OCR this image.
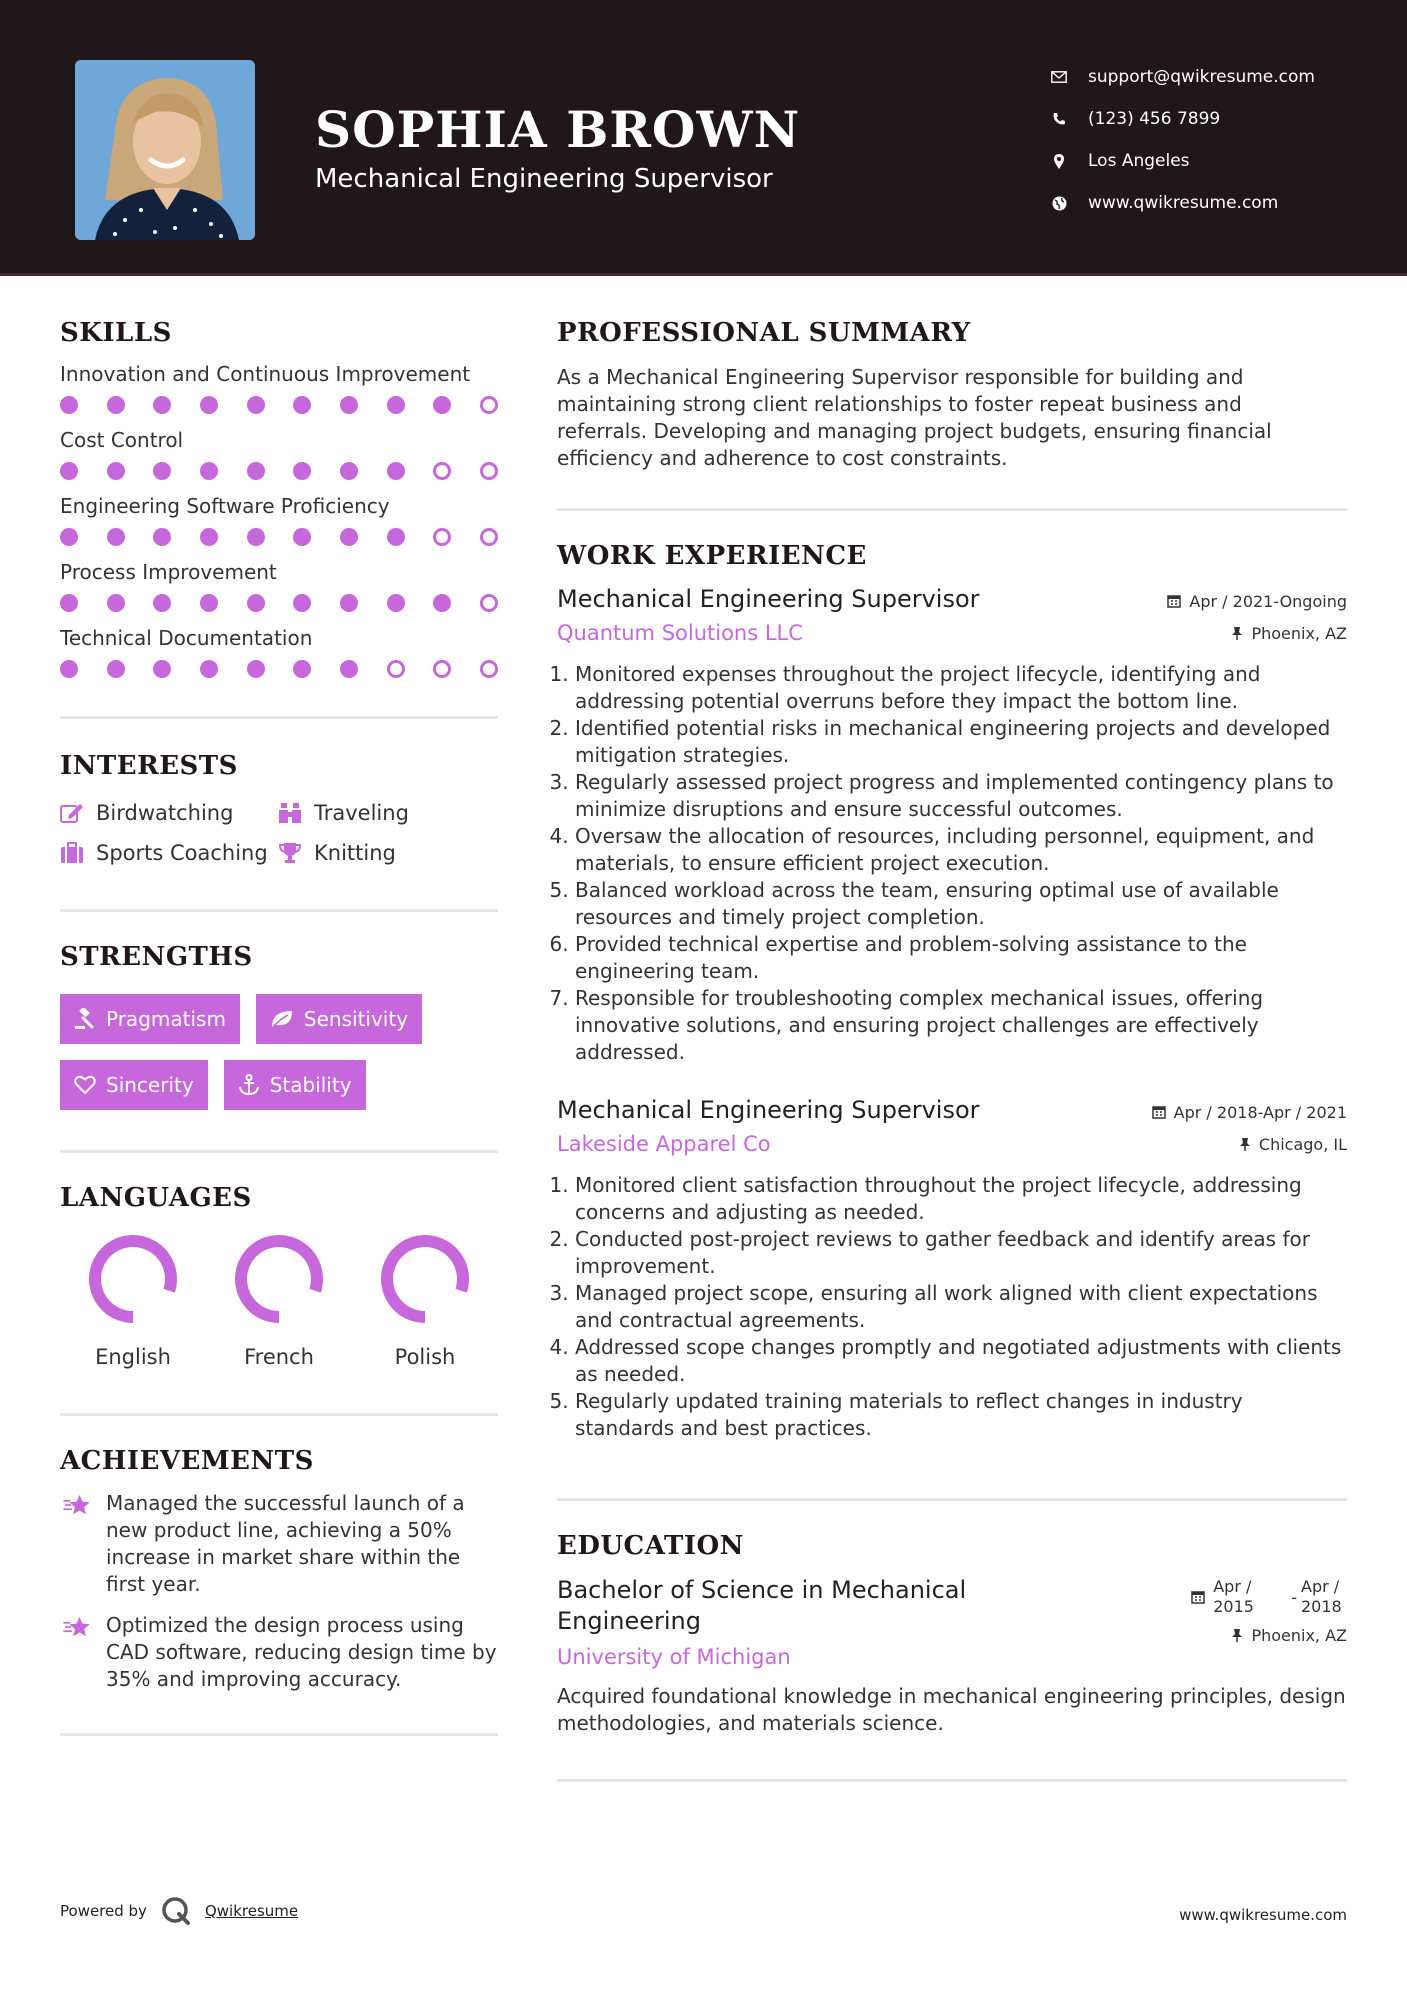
SOPHIA BROWN
Mechanical Engineering Supervisor
support@qwikresume.com
(123) 456 7899
Los Angeles
www.qwikresume.com
SKILLS
Innovation and Continuous Improvement
Cost Control
Engineering Software Proficiency
Process Improvement
Technical Documentation
INTERESTS
Birdwatching	Traveling
Sports Coaching Knitting
STRENGTHS
Pragmatism	Sensitivity
Sincerity	Stability
LANGUAGES
English	French	Polish
ACHIEVEMENTS
Managed the successful launch of a new product line, achieving a 50% increase in market share within the first year.
Optimized the design process using CAD software, reducing design time by 35% and improving accuracy.
PROFESSIONAL SUMMARY
As a Mechanical Engineering Supervisor responsible for building and maintaining strong client relationships to foster repeat business and referrals. Developing and managing project budgets, ensuring financial efficiency and adherence to cost constraints.
WORK EXPERIENCE
Mechanical Engineering Supervisor
Quantum Solutions LLC
Apr / 2021-Ongoing
Phoenix, AZ
1. Monitored expenses throughout the project lifecycle, identifying and addressing potential overruns before they impact the bottom line.
2. Identified potential risks in mechanical engineering projects and developed mitigation strategies.
3. Regularly assessed project progress and implemented contingency plans to minimize disruptions and ensure successful outcomes.
4. Oversaw the allocation of resources, including personnel, equipment, and materials, to ensure efficient project execution.
5. Balanced workload across the team, ensuring optimal use of available resources and timely project completion.
6. Provided technical expertise and problem-solving assistance to the engineering team.
7. Responsible for troubleshooting complex mechanical issues, offering innovative solutions, and ensuring project challenges are effectively addressed.
Mechanical Engineering Supervisor
Lakeside Apparel Co
Apr / 2018-Apr / 2021
Chicago, IL
1. Monitored client satisfaction throughout the project lifecycle, addressing concerns and adjusting as needed.
2. Conducted post-project reviews to gather feedback and identify areas for improvement.
3. Managed project scope, ensuring all work aligned with client expectations and contractual agreements.
4. Addressed scope changes promptly and negotiated adjustments with clients as needed.
5. Regularly updated training materials to reflect changes in industry standards and best practices.
EDUCATION
Bachelor of Science in Mechanical Engineering
University of Michigan
Apr / 2015	-
Apr / 2018
Phoenix, AZ
Acquired foundational knowledge in mechanical engineering principles, design methodologies, and materials science.
Powered by	Qwikresume	www.qwikresume.com
